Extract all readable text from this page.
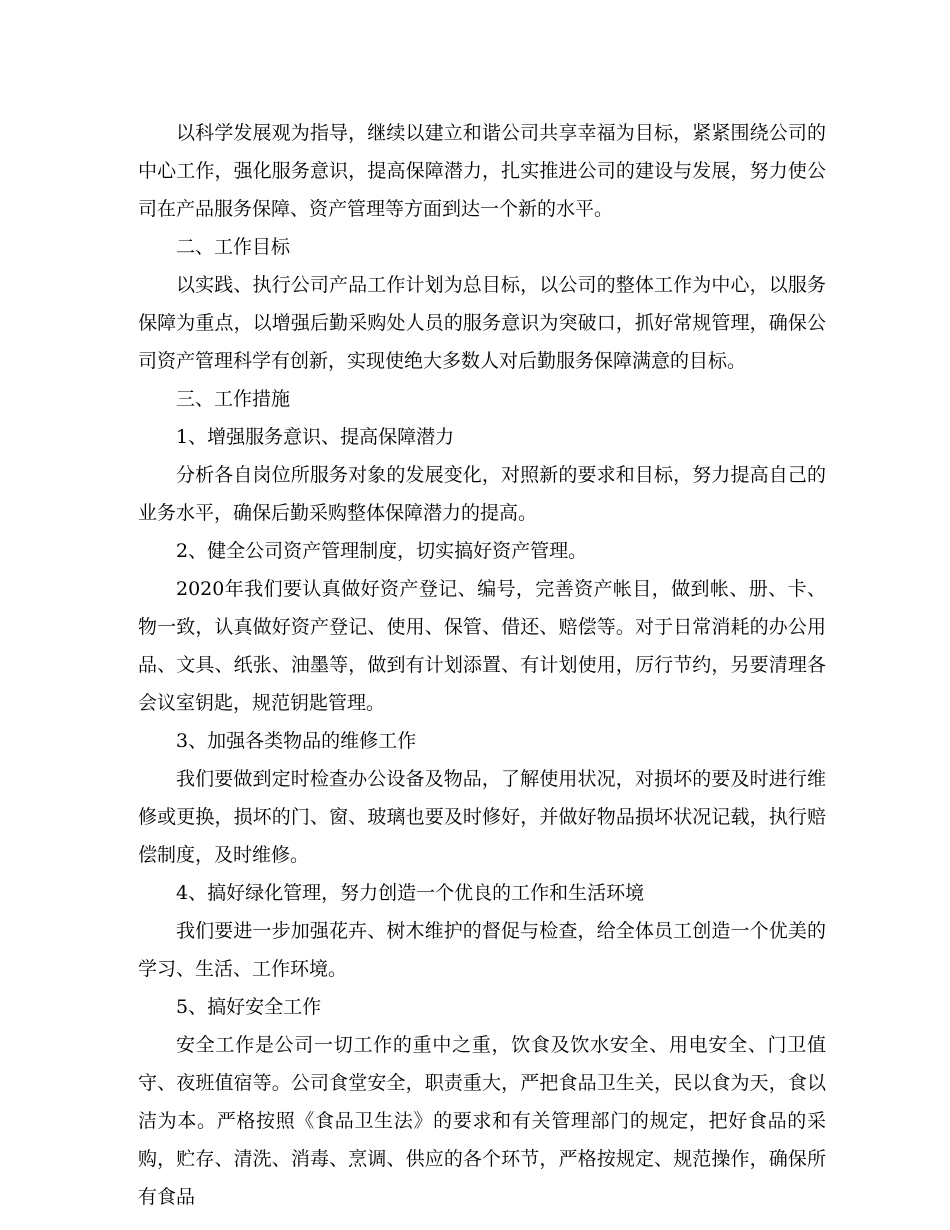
以科学发展观为指导，继续以建立和谐公司共享幸福为目标，紧紧围绕公司的中心工作，强化服务意识，提高保障潜力，扎实推进公司的建设与发展，努力使公司在产品服务保障、资产管理等方面到达一个新的水平。

二、工作目标

以实践、执行公司产品工作计划为总目标，以公司的整体工作为中心，以服务保障为重点，以增强后勤采购处人员的服务意识为突破口，抓好常规管理，确保公司资产管理科学有创新，实现使绝大多数人对后勤服务保障满意的目标。

三、工作措施

1、增强服务意识、提高保障潜力

分析各自岗位所服务对象的发展变化，对照新的要求和目标，努力提高自己的业务水平，确保后勤采购整体保障潜力的提高。

2、健全公司资产管理制度，切实搞好资产管理。

2020年我们要认真做好资产登记、编号，完善资产帐目，做到帐、册、卡、物一致，认真做好资产登记、使用、保管、借还、赔偿等。对于日常消耗的办公用品、文具、纸张、油墨等，做到有计划添置、有计划使用，厉行节约，另要清理各会议室钥匙，规范钥匙管理。

3、加强各类物品的维修工作

我们要做到定时检查办公设备及物品，了解使用状况，对损坏的要及时进行维修或更换，损坏的门、窗、玻璃也要及时修好，并做好物品损坏状况记载，执行赔偿制度，及时维修。

4、搞好绿化管理，努力创造一个优良的工作和生活环境

我们要进一步加强花卉、树木维护的督促与检查，给全体员工创造一个优美的学习、生活、工作环境。

5、搞好安全工作

安全工作是公司一切工作的重中之重，饮食及饮水安全、用电安全、门卫值守、夜班值宿等。公司食堂安全，职责重大，严把食品卫生关，民以食为天，食以洁为本。严格按照《食品卫生法》的要求和有关管理部门的规定，把好食品的采购，贮存、清洗、消毒、烹调、供应的各个环节，严格按规定、规范操作，确保所有食品
